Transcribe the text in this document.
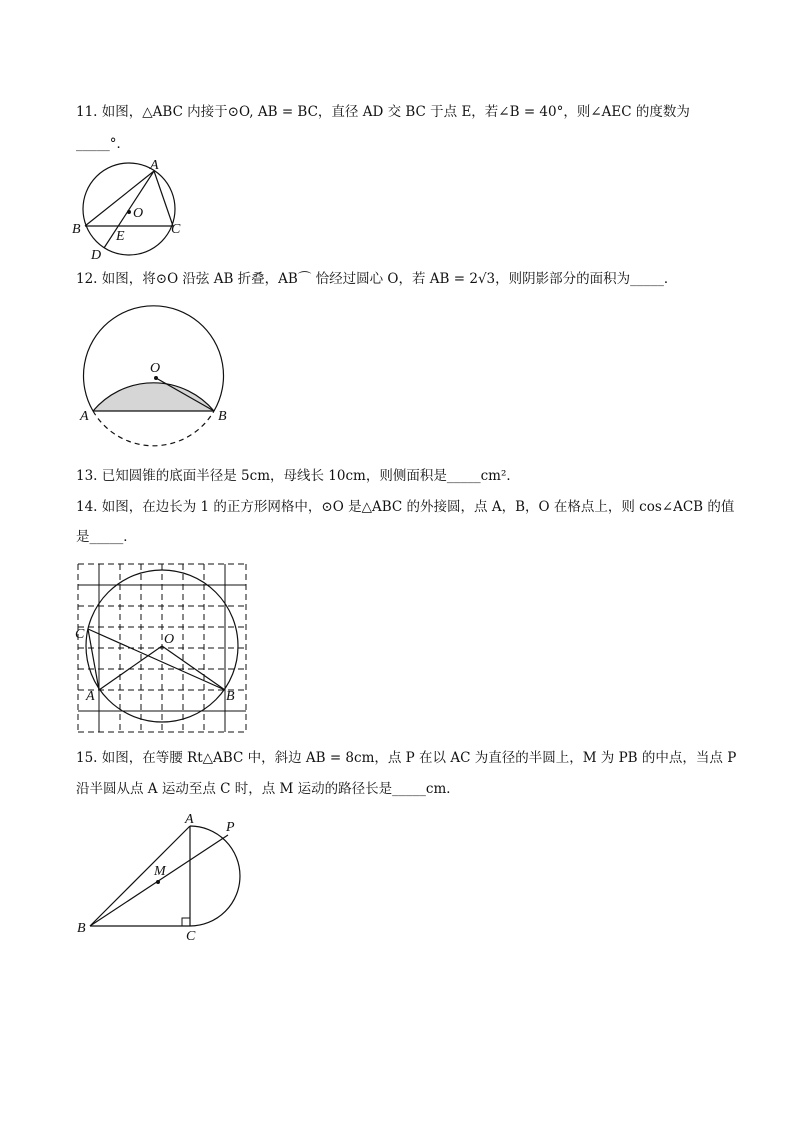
11. 如图，△ABC 内接于⊙O, AB = BC，直径 AD 交 BC 于点 E，若∠B = 40°，则∠AEC 的度数为
_____°．
A
B	C
O
E
D
12. 如图，将⊙O 沿弦 AB 折叠，AB⌒ 恰经过圆心 O，若 AB = 2√3，则阴影部分的面积为_____．
O
A	B
13. 已知圆锥的底面半径是 5cm，母线长 10cm，则侧面积是_____cm²．
14. 如图，在边长为 1 的正方形网格中，⊙O 是△ABC 的外接圆，点 A，B，O 在格点上，则 cos∠ACB 的值
是_____．
C	O
A	B
15. 如图，在等腰 Rt△ABC 中，斜边 AB = 8cm，点 P 在以 AC 为直径的半圆上，M 为 PB 的中点，当点 P
沿半圆从点 A 运动至点 C 时，点 M 运动的路径长是_____cm．
A
P
M
B
C
